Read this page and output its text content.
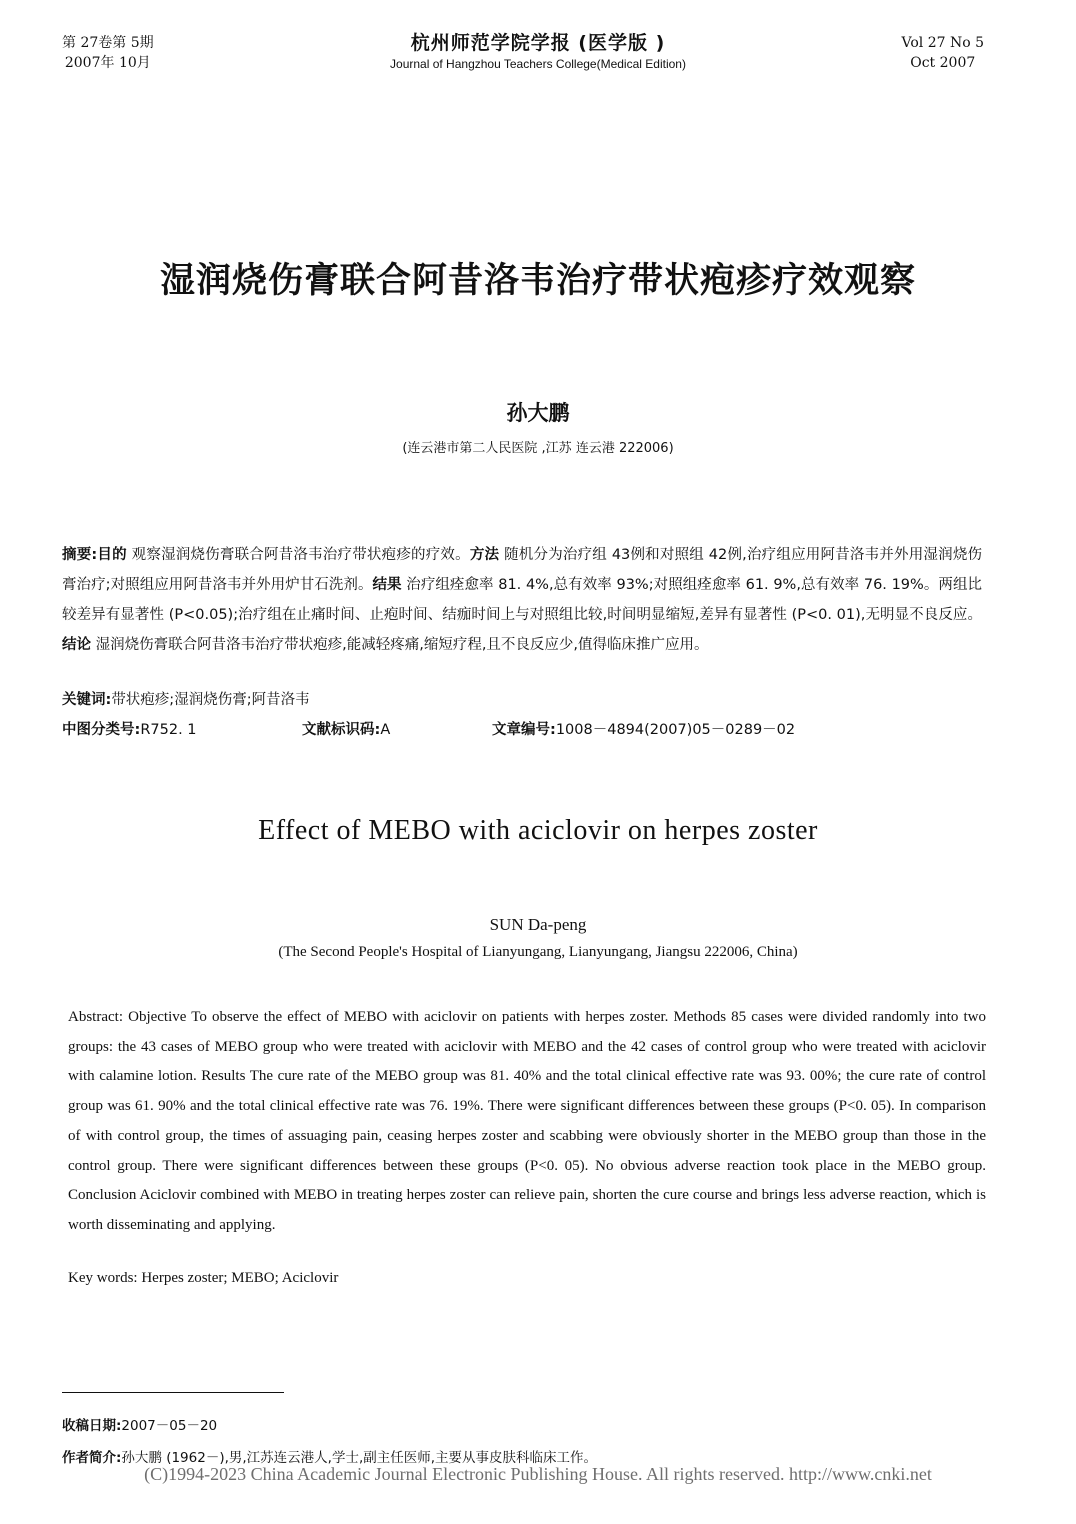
第 27卷第 5期
2007年 10月
杭州师范学院学报 (医学版 )
Journal of Hangzhou Teachers College(Medical Edition)
Vol 27 No 5
Oct 2007
湿润烧伤膏联合阿昔洛韦治疗带状疱疹疗效观察
孙大鹏
(连云港市第二人民医院 ,江苏 连云港 222006)
摘要:目的 观察湿润烧伤膏联合阿昔洛韦治疗带状疱疹的疗效。方法 随机分为治疗组 43例和对照组 42例,治疗组应用阿昔洛韦并外用湿润烧伤膏治疗;对照组应用阿昔洛韦并外用炉甘石洗剂。结果 治疗组痊愈率 81. 4%,总有效率 93%;对照组痊愈率 61. 9%,总有效率 76. 19%。两组比较差异有显著性 (P<0.05);治疗组在止痛时间、止疱时间、结痂时间上与对照组比较,时间明显缩短,差异有显著性 (P<0. 01),无明显不良反应。结论 湿润烧伤膏联合阿昔洛韦治疗带状疱疹,能减轻疼痛,缩短疗程,且不良反应少,值得临床推广应用。
关键词:带状疱疹;湿润烧伤膏;阿昔洛韦
中图分类号:R752. 1	文献标识码:A	文章编号:1008－4894(2007)05－0289－02
Effect of MEBO with aciclovir on herpes zoster
SUN Da-peng
(The Second People's Hospital of Lianyungang, Lianyungang, Jiangsu 222006, China)
Abstract: Objective To observe the effect of MEBO with aciclovir on patients with herpes zoster. Methods 85 cases were divided randomly into two groups: the 43 cases of MEBO group who were treated with aciclovir with MEBO and the 42 cases of control group who were treated with aciclovir with calamine lotion. Results The cure rate of the MEBO group was 81. 40% and the total clinical effective rate was 93. 00%; the cure rate of control group was 61. 90% and the total clinical effective rate was 76. 19%. There were significant differences between these groups (P<0. 05). In comparison of with control group, the times of assuaging pain, ceasing herpes zoster and scabbing were obviously shorter in the MEBO group than those in the control group. There were significant differences between these groups (P<0. 05). No obvious adverse reaction took place in the MEBO group. Conclusion Aciclovir combined with MEBO in treating herpes zoster can relieve pain, shorten the cure course and brings less adverse reaction, which is worth disseminating and applying.
Key words: Herpes zoster; MEBO; Aciclovir
收稿日期:2007－05－20
作者简介:孙大鹏 (1962－),男,江苏连云港人,学士,副主任医师,主要从事皮肤科临床工作。
(C)1994-2023 China Academic Journal Electronic Publishing House. All rights reserved. http://www.cnki.net
